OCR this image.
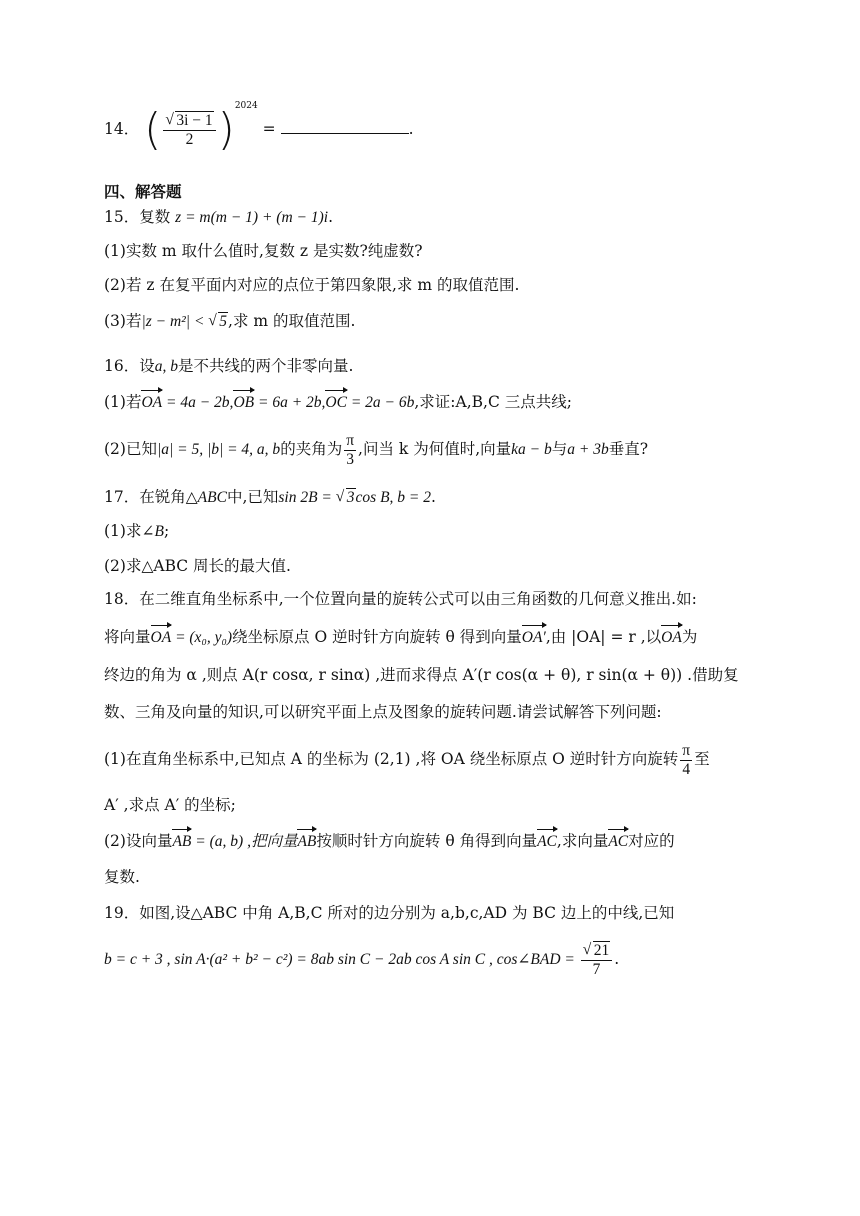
14． ( √ $\frac{3i - 1}{2} )^{2024}$ =	.
四、解答题
15．复数 z = m(m − 1) + (m − 1)i.
(1)实数 m 取什么值时,复数 z 是实数?纯虚数?
(2)若 z 在复平面内对应的点位于第四象限,求 m 的取值范围.
(3)若|z − m²| < √ 5,求 m 的取值范围.
16．设a, b是不共线的两个非零向量.
(1)若OA = 4a − 2b,OB = 6a + 2b,OC = 2a − 6b,求证:A,B,C 三点共线;
(2)已知|a| = 5, |b| = 4, a, b的夹角为 $\frac{\pi}{3}$ ,问当 k 为何值时,向量ka − b与a + 3b垂直?
17．在锐角△ABC中,已知sin 2B = √ 3cos B, b = 2.
(1)求∠B;
(2)求△ABC 周长的最大值.
18．在二维直角坐标系中,一个位置向量的旋转公式可以由三角函数的几何意义推出.如:
将向量OA = (x₀, y₀)绕坐标原点 O 逆时针方向旋转 θ 得到向量OA′,由 |OA| = r ,以OA为
终边的角为 α ,则点 A(r cosα, r sinα) ,进而求得点 A′(r cos(α + θ), r sin(α + θ)) .借助复
数、三角及向量的知识,可以研究平面上点及图象的旋转问题.请尝试解答下列问题:
(1)在直角坐标系中,已知点 A 的坐标为 (2,1) ,将 OA 绕坐标原点 O 逆时针方向旋转 $\frac{\pi}{4}$ 至
A′ ,求点 A′ 的坐标;
(2)设向量AB = (a, b) ,把向量AB按顺时针方向旋转 θ 角得到向量AC,求向量AC对应的
复数.
19．如图,设△ABC 中角 A,B,C 所对的边分别为 a,b,c,AD 为 BC 边上的中线,已知
b = c + 3 , sin A·(a² + b² − c²) = 8ab sin C − 2ab cos A sin C , cos∠BAD = √ $\frac{21}{7}$ .
